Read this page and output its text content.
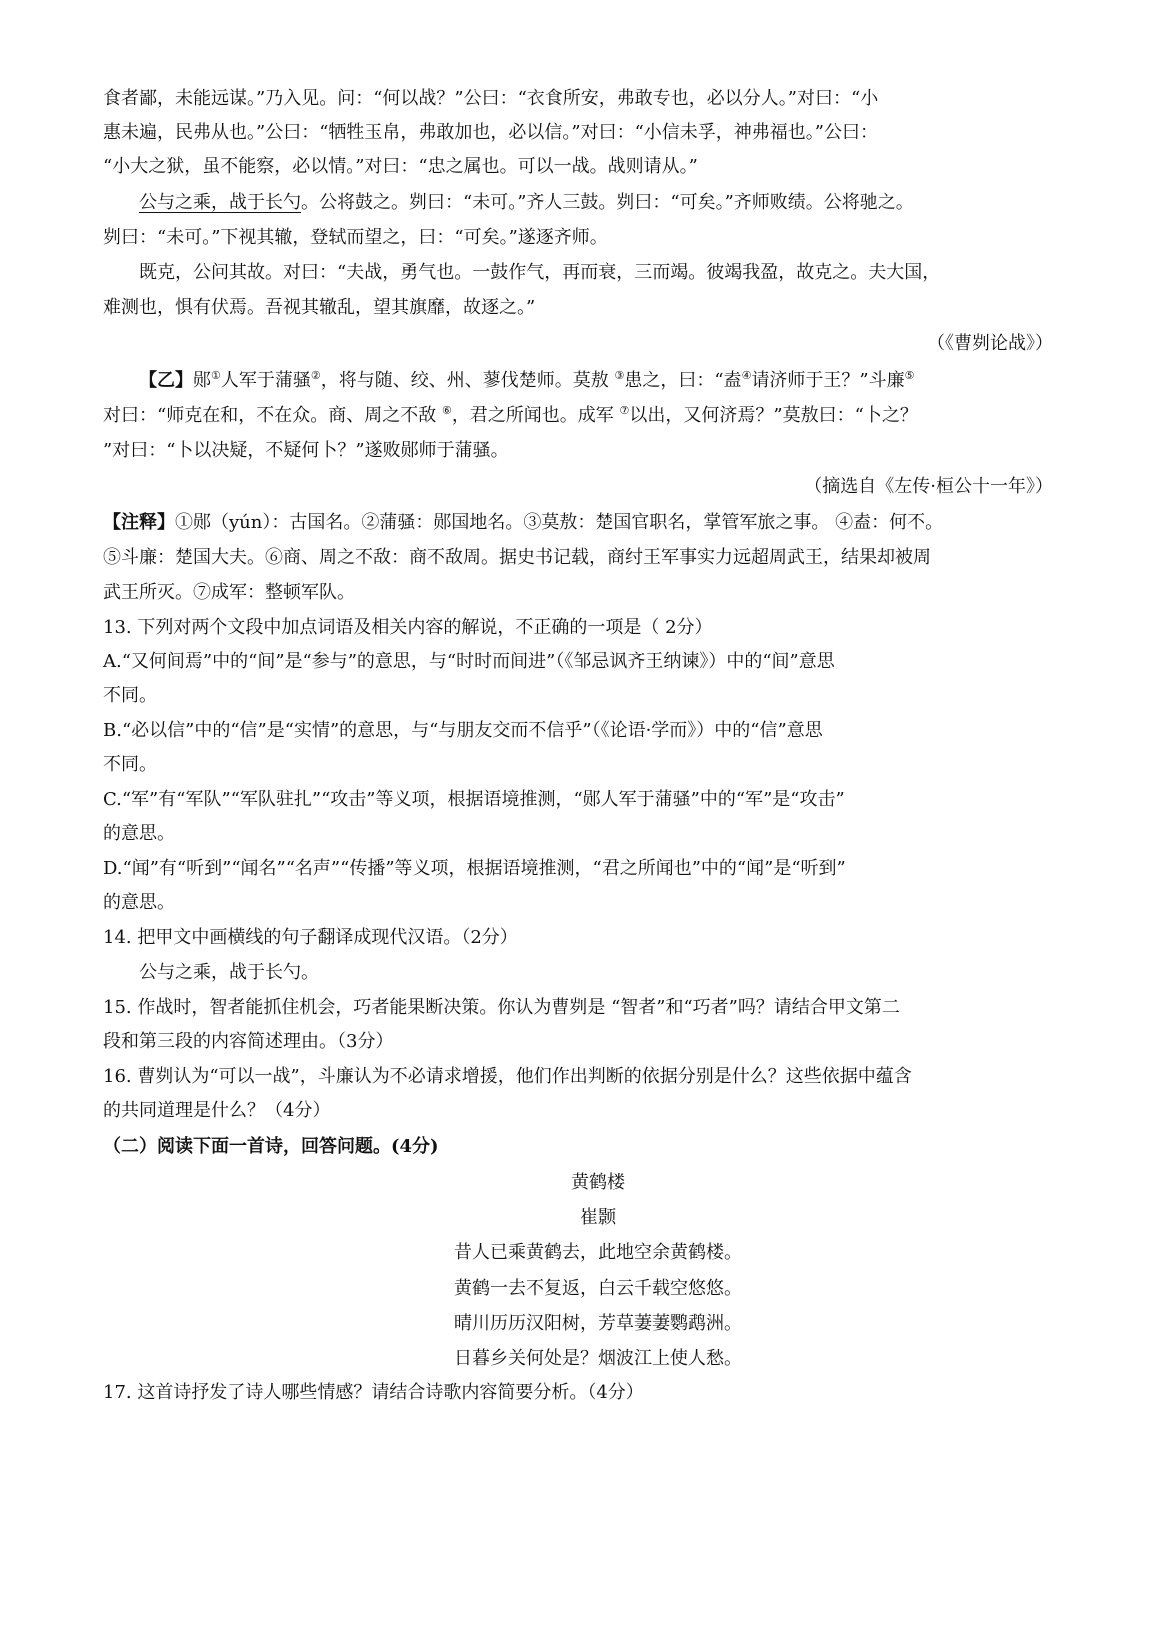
食者鄙，未能远谋。”乃入见。问：“何以战？”公曰：“衣食所安，弗敢专也，必以分人。”对曰：“小
惠未遍，民弗从也。”公曰：“牺牲玉帛，弗敢加也，必以信。”对曰：“小信未孚，神弗福也。”公曰：
“小大之狱，虽不能察，必以情。”对曰：“忠之属也。可以一战。战则请从。”
公与之乘，战于长勺。公将鼓之。刿曰：“未可。”齐人三鼓。刿曰：“可矣。”齐师败绩。公将驰之。
刿曰：“未可。”下视其辙，登轼而望之，曰：“可矣。”遂逐齐师。
既克，公问其故。对曰：“夫战，勇气也。一鼓作气，再而衰，三而竭。彼竭我盈，故克之。夫大国，
难测也，惧有伏焉。吾视其辙乱，望其旗靡，故逐之。”
（《曹刿论战》）
【乙】郧①人军于蒲骚②，将与随、绞、州、蓼伐楚师。莫敖 ③患之，曰：“盍④请济师于王？”斗廉⑤
对曰：“师克在和，不在众。商、周之不敌 ⑥，君之所闻也。成军 ⑦以出，又何济焉？”莫敖曰：“卜之？
”对曰：“卜以决疑，不疑何卜？”遂败郧师于蒲骚。
（摘选自《左传·桓公十一年》）
【注释】①郧（yún）：古国名。②蒲骚：郧国地名。③莫敖：楚国官职名，掌管军旅之事。 ④盍：何不。
⑤斗廉：楚国大夫。⑥商、周之不敌：商不敌周。据史书记载，商纣王军事实力远超周武王，结果却被周
武王所灭。⑦成军：整顿军队。
13. 下列对两个文段中加点词语及相关内容的解说，不正确的一项是（ 2分）
A.“又何间焉”中的“间”是“参与”的意思，与“时时而间进”（《邹忌讽齐王纳谏》）中的“间”意思
不同。
B.“必以信”中的“信”是“实情”的意思，与“与朋友交而不信乎”（《论语·学而》）中的“信”意思
不同。
C.“军”有“军队”“军队驻扎”“攻击”等义项，根据语境推测，“郧人军于蒲骚”中的“军”是“攻击”
的意思。
D.“闻”有“听到”“闻名”“名声”“传播”等义项，根据语境推测，“君之所闻也”中的“闻”是“听到”
的意思。
14. 把甲文中画横线的句子翻译成现代汉语。（2分）
公与之乘，战于长勺。
15. 作战时，智者能抓住机会，巧者能果断决策。你认为曹刿是 “智者”和“巧者”吗？请结合甲文第二
段和第三段的内容简述理由。（3分）
16. 曹刿认为“可以一战”，斗廉认为不必请求增援，他们作出判断的依据分别是什么？这些依据中蕴含
的共同道理是什么？（4分）
（二）阅读下面一首诗，回答问题。(4分)
黄鹤楼
崔颢
昔人已乘黄鹤去，此地空余黄鹤楼。
黄鹤一去不复返，白云千载空悠悠。
晴川历历汉阳树，芳草萋萋鹦鹉洲。
日暮乡关何处是？烟波江上使人愁。
17. 这首诗抒发了诗人哪些情感？请结合诗歌内容简要分析。（4分）
